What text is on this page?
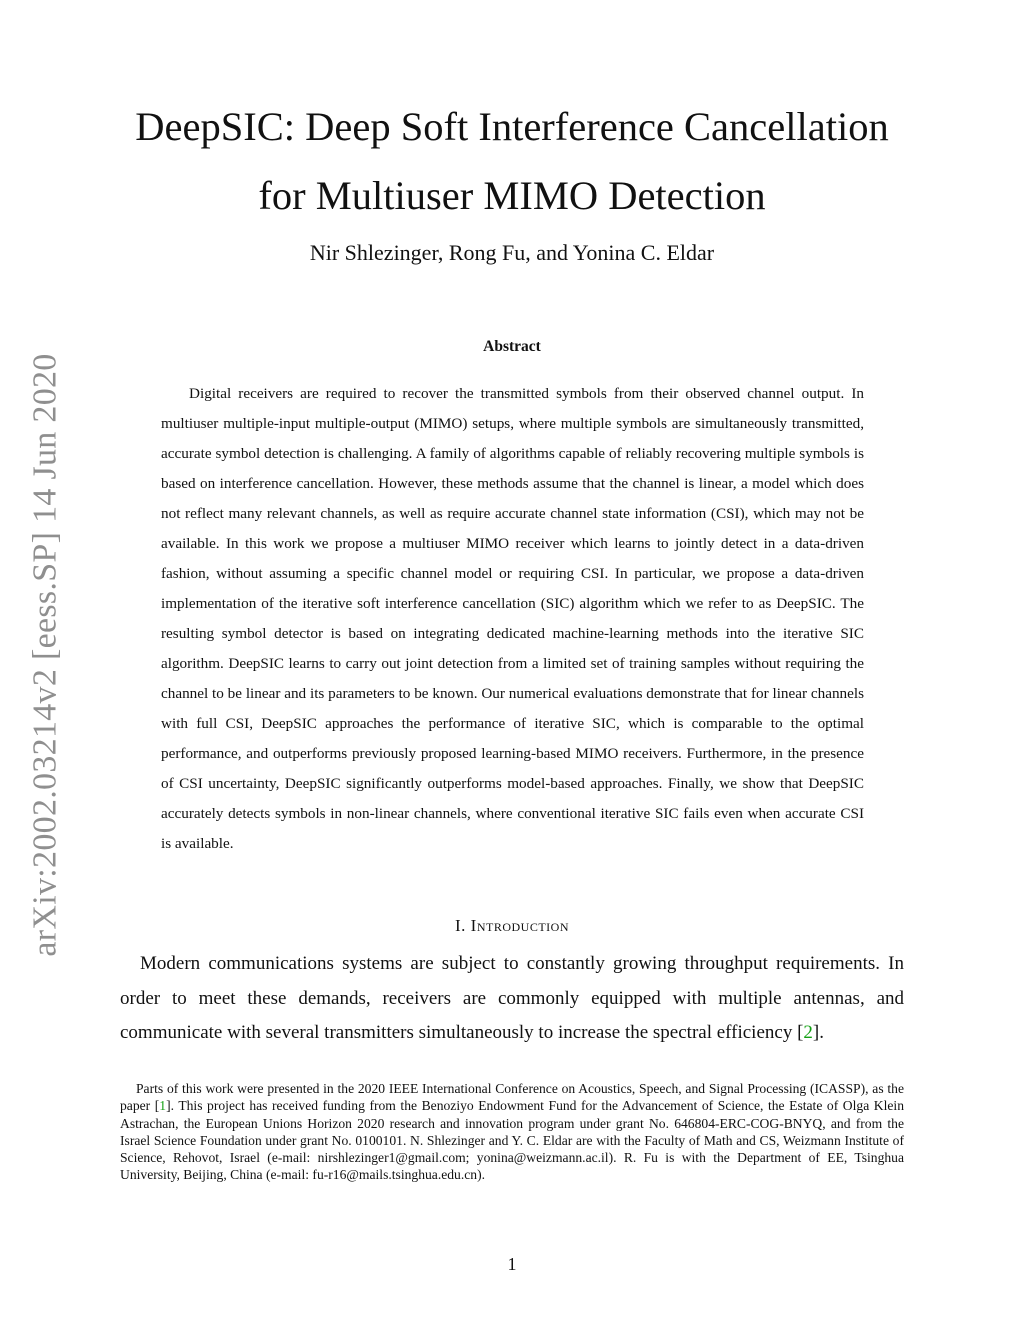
arXiv:2002.03214v2 [eess.SP] 14 Jun 2020
DeepSIC: Deep Soft Interference Cancellation
for Multiuser MIMO Detection
Nir Shlezinger, Rong Fu, and Yonina C. Eldar
Abstract

Digital receivers are required to recover the transmitted symbols from their observed channel output. In multiuser multiple-input multiple-output (MIMO) setups, where multiple symbols are simultaneously transmitted, accurate symbol detection is challenging. A family of algorithms capable of reliably recovering multiple symbols is based on interference cancellation. However, these methods assume that the channel is linear, a model which does not reflect many relevant channels, as well as require accurate channel state information (CSI), which may not be available. In this work we propose a multiuser MIMO receiver which learns to jointly detect in a data-driven fashion, without assuming a specific channel model or requiring CSI. In particular, we propose a data-driven implementation of the iterative soft interference cancellation (SIC) algorithm which we refer to as DeepSIC. The resulting symbol detector is based on integrating dedicated machine-learning methods into the iterative SIC algorithm. DeepSIC learns to carry out joint detection from a limited set of training samples without requiring the channel to be linear and its parameters to be known. Our numerical evaluations demonstrate that for linear channels with full CSI, DeepSIC approaches the performance of iterative SIC, which is comparable to the optimal performance, and outperforms previously proposed learning-based MIMO receivers. Furthermore, in the presence of CSI uncertainty, DeepSIC significantly outperforms model-based approaches. Finally, we show that DeepSIC accurately detects symbols in non-linear channels, where conventional iterative SIC fails even when accurate CSI is available.

I. Introduction

Modern communications systems are subject to constantly growing throughput requirements. In order to meet these demands, receivers are commonly equipped with multiple antennas, and communicate with several transmitters simultaneously to increase the spectral efficiency [2].

Parts of this work were presented in the 2020 IEEE International Conference on Acoustics, Speech, and Signal Processing (ICASSP), as the paper [1]. This project has received funding from the Benoziyo Endowment Fund for the Advancement of Science, the Estate of Olga Klein Astrachan, the European Unions Horizon 2020 research and innovation program under grant No. 646804-ERC-COG-BNYQ, and from the Israel Science Foundation under grant No. 0100101. N. Shlezinger and Y. C. Eldar are with the Faculty of Math and CS, Weizmann Institute of Science, Rehovot, Israel (e-mail: nirshlezinger1@gmail.com; yonina@weizmann.ac.il). R. Fu is with the Department of EE, Tsinghua University, Beijing, China (e-mail: fu-r16@mails.tsinghua.edu.cn).

1
